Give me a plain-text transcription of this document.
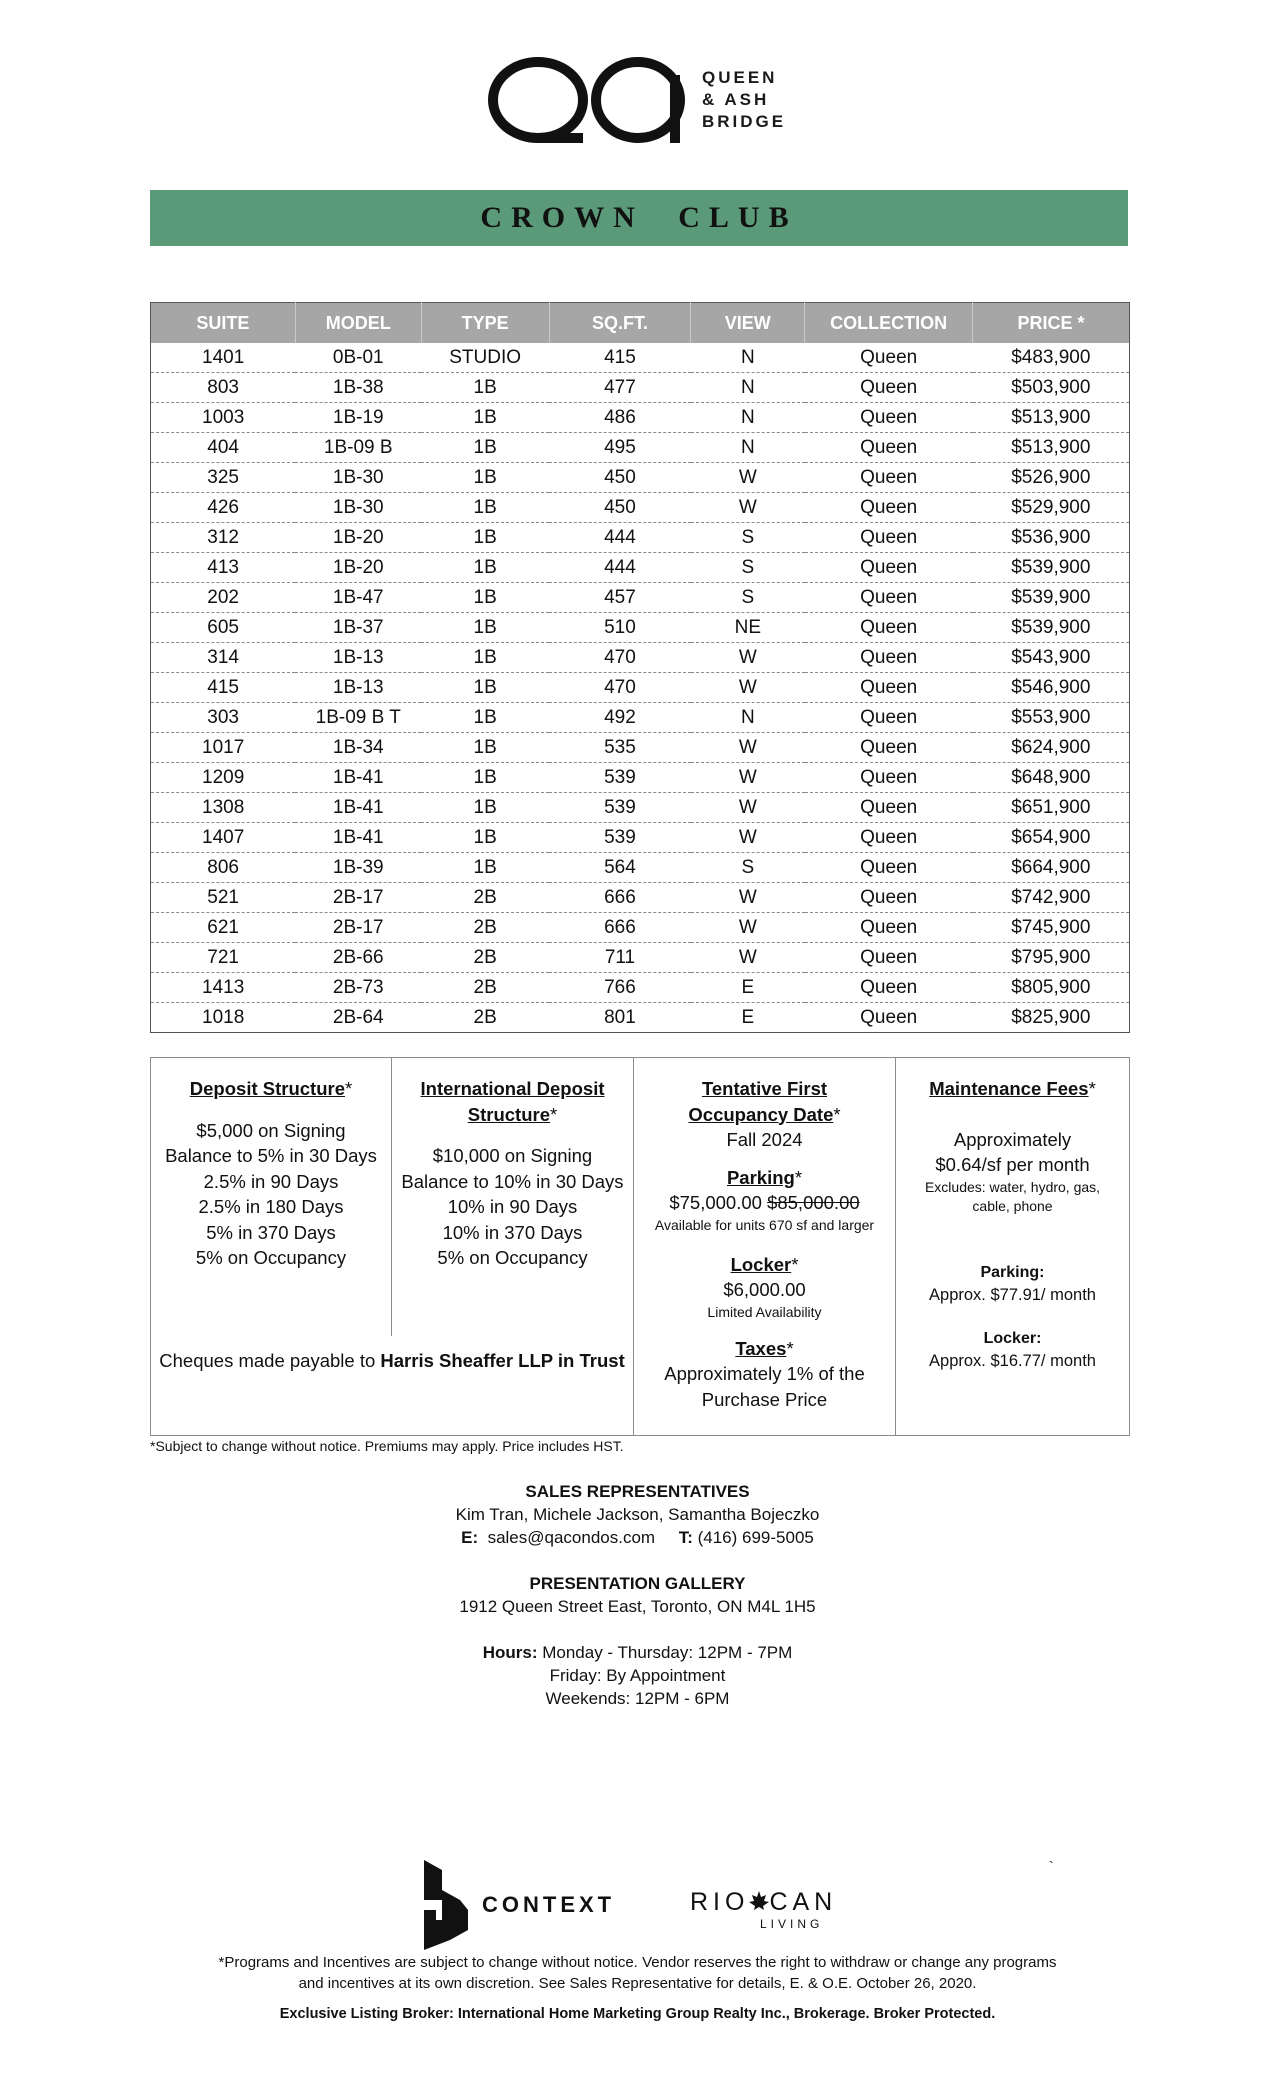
QUEEN
& ASH
BRIDGE
CROWN CLUB
SUITE	MODEL	TYPE	SQ.FT.	VIEW	COLLECTION	PRICE *
1401	0B-01	STUDIO	415	N	Queen	$483,900
803	1B-38	1B	477	N	Queen	$503,900
1003	1B-19	1B	486	N	Queen	$513,900
404	1B-09 B	1B	495	N	Queen	$513,900
325	1B-30	1B	450	W	Queen	$526,900
426	1B-30	1B	450	W	Queen	$529,900
312	1B-20	1B	444	S	Queen	$536,900
413	1B-20	1B	444	S	Queen	$539,900
202	1B-47	1B	457	S	Queen	$539,900
605	1B-37	1B	510	NE	Queen	$539,900
314	1B-13	1B	470	W	Queen	$543,900
415	1B-13	1B	470	W	Queen	$546,900
303	1B-09 B T	1B	492	N	Queen	$553,900
1017	1B-34	1B	535	W	Queen	$624,900
1209	1B-41	1B	539	W	Queen	$648,900
1308	1B-41	1B	539	W	Queen	$651,900
1407	1B-41	1B	539	W	Queen	$654,900
806	1B-39	1B	564	S	Queen	$664,900
521	2B-17	2B	666	W	Queen	$742,900
621	2B-17	2B	666	W	Queen	$745,900
721	2B-66	2B	711	W	Queen	$795,900
1413	2B-73	2B	766	E	Queen	$805,900
1018	2B-64	2B	801	E	Queen	$825,900
Deposit Structure*
$5,000 on Signing
Balance to 5% in 30 Days
2.5% in 90 Days
2.5% in 180 Days
5% in 370 Days
5% on Occupancy
International Deposit
Structure*
$10,000 on Signing
Balance to 10% in 30 Days
10% in 90 Days
10% in 370 Days
5% on Occupancy
Cheques made payable to Harris Sheaffer LLP in Trust
Tentative First
Occupancy Date*
Fall 2024
Parking*
$75,000.00 $85,000.00
Available for units 670 sf and larger
Locker*
$6,000.00
Limited Availability
Taxes*
Approximately 1% of the
Purchase Price
Maintenance Fees*
Approximately
$0.64/sf per month
Excludes: water, hydro, gas,
cable, phone
Parking:
Approx. $77.91/ month
Locker:
Approx. $16.77/ month
*Subject to change without notice. Premiums may apply. Price includes HST.
SALES REPRESENTATIVES
Kim Tran, Michele Jackson, Samantha Bojeczko
E: sales@qacondos.com T: (416) 699-5005
PRESENTATION GALLERY
1912 Queen Street East, Toronto, ON M4L 1H5
Hours: Monday - Thursday: 12PM - 7PM
Friday: By Appointment
Weekends: 12PM - 6PM
CONTEXT	RIO CAN
LIVING
`
*Programs and Incentives are subject to change without notice. Vendor reserves the right to withdraw or change any programs
and incentives at its own discretion. See Sales Representative for details, E. & O.E. October 26, 2020.
Exclusive Listing Broker: International Home Marketing Group Realty Inc., Brokerage. Broker Protected.
